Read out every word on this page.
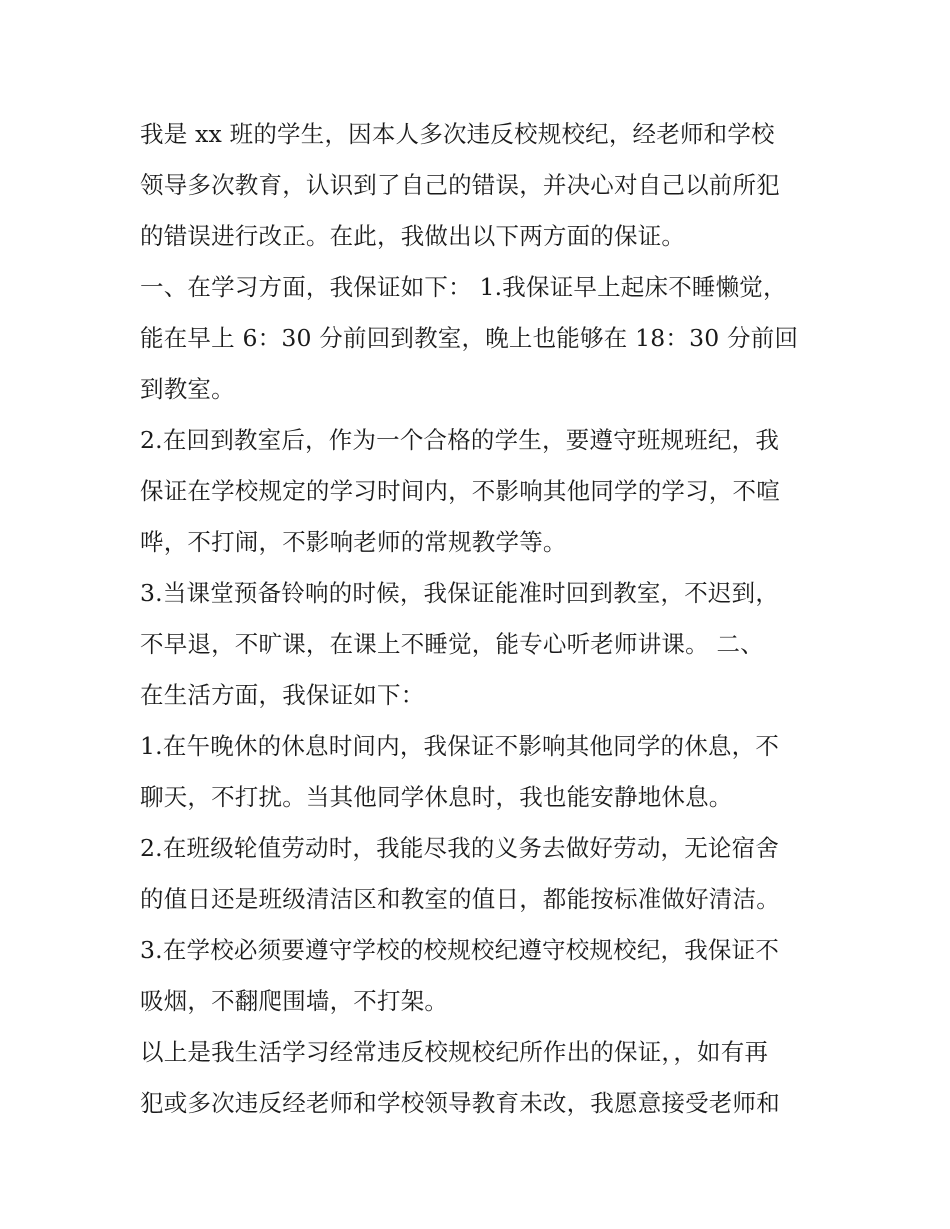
我是 xx 班的学生，因本人多次违反校规校纪，经老师和学校
领导多次教育，认识到了自己的错误，并决心对自己以前所犯
的错误进行改正。在此，我做出以下两方面的保证。
一、在学习方面，我保证如下： 1.我保证早上起床不睡懒觉，
能在早上 6：30 分前回到教室，晚上也能够在 18：30 分前回
到教室。
2.在回到教室后，作为一个合格的学生，要遵守班规班纪，我
保证在学校规定的学习时间内，不影响其他同学的学习，不喧
哗，不打闹，不影响老师的常规教学等。
3.当课堂预备铃响的时候，我保证能准时回到教室，不迟到，
不早退，不旷课，在课上不睡觉，能专心听老师讲课。 二、
在生活方面，我保证如下：
1.在午晚休的休息时间内，我保证不影响其他同学的休息，不
聊天，不打扰。当其他同学休息时，我也能安静地休息。
2.在班级轮值劳动时，我能尽我的义务去做好劳动，无论宿舍
的值日还是班级清洁区和教室的值日，都能按标准做好清洁。
3.在学校必须要遵守学校的校规校纪遵守校规校纪，我保证不
吸烟，不翻爬围墙，不打架。
以上是我生活学习经常违反校规校纪所作出的保证，，如有再
犯或多次违反经老师和学校领导教育未改，我愿意接受老师和
